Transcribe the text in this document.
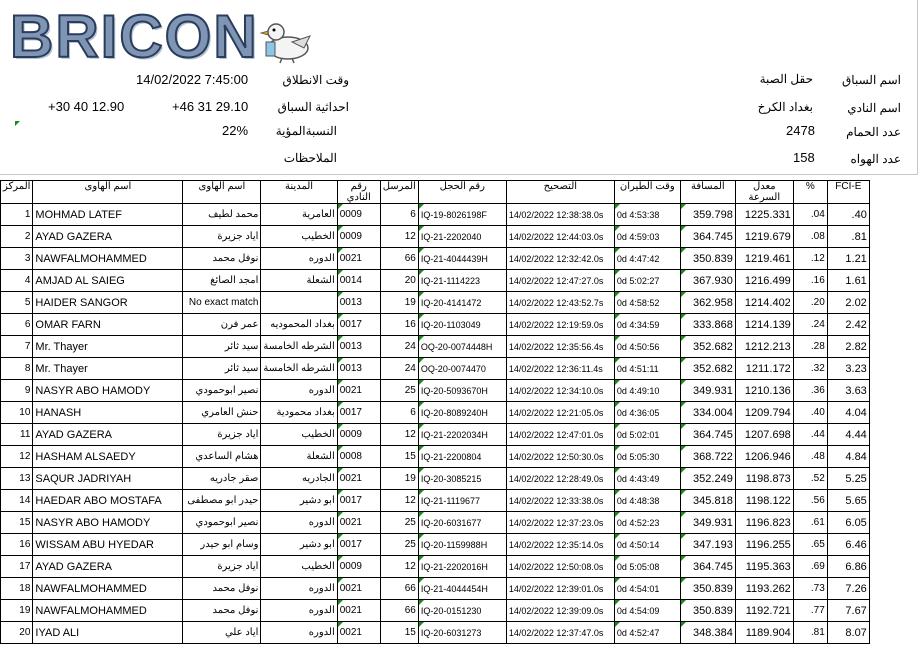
BRICON
اسم السباق
حقل الصبة
اسم النادي
بغداد الكرخ
عدد الحمام
2478
عدد الهواه
158
وقت الانطلاق
14/02/2022 7:45:00
احداثية السباق
+46 31 29.10
+30 40 12.90
النسبةالمؤية
22%
الملاحظات
المركز	اسم الهاوى	اسم الهاوى	المدينة	رقم النادي	المرسل	رقم الحجل	التصحيح	وقت الطيران	المسافة	معدل السرعة	%	FCI-E
1	MOHMAD LATEF	محمد لطيف	العامرية	0009	6	IQ-19-8026198F	14/02/2022 12:38:38.0s	0d 4:53:38	359.798	1225.331	.04	.40
2	AYAD GAZERA	اياد جزيرة	الخطيب	0009	12	IQ-21-2202040	14/02/2022 12:44:03.0s	0d 4:59:03	364.745	1219.679	.08	.81
3	NAWFALMOHAMMED	نوفل محمد	الدوره	0021	66	IQ-21-4044439H	14/02/2022 12:32:42.0s	0d 4:47:42	350.839	1219.461	.12	1.21
4	AMJAD AL SAIEG	امجد الصائغ	الشعلة	0014	20	IQ-21-1114223	14/02/2022 12:47:27.0s	0d 5:02:27	367.930	1216.499	.16	1.61
5	HAIDER SANGOR	No exact match		0013	19	IQ-20-4141472	14/02/2022 12:43:52.7s	0d 4:58:52	362.958	1214.402	.20	2.02
6	OMAR FARN	عمر فرن	بغداد المحموديه	0017	16	IQ-20-1103049	14/02/2022 12:19:59.0s	0d 4:34:59	333.868	1214.139	.24	2.42
7	Mr. Thayer	سيد ثائر	الشرطه الخامسة	0013	24	OQ-20-0074448H	14/02/2022 12:35:56.4s	0d 4:50:56	352.682	1212.213	.28	2.82
8	Mr. Thayer	سيد ثائر	الشرطه الخامسة	0013	24	OQ-20-0074470	14/02/2022 12:36:11.4s	0d 4:51:11	352.682	1211.172	.32	3.23
9	NASYR ABO HAMODY	نصير ابوحمودي	الدوره	0021	25	IQ-20-5093670H	14/02/2022 12:34:10.0s	0d 4:49:10	349.931	1210.136	.36	3.63
10	HANASH	حنش العامري	بغداد محمودية	0017	6	IQ-20-8089240H	14/02/2022 12:21:05.0s	0d 4:36:05	334.004	1209.794	.40	4.04
11	AYAD GAZERA	اياد جزيرة	الخطيب	0009	12	IQ-21-2202034H	14/02/2022 12:47:01.0s	0d 5:02:01	364.745	1207.698	.44	4.44
12	HASHAM ALSAEDY	هشام الساعدي	الشعلة	0008	15	IQ-21-2200804	14/02/2022 12:50:30.0s	0d 5:05:30	368.722	1206.946	.48	4.84
13	SAQUR JADRIYAH	صقر جادريه	الجادريه	0021	19	IQ-20-3085215	14/02/2022 12:28:49.0s	0d 4:43:49	352.249	1198.873	.52	5.25
14	HAEDAR ABO MOSTAFA	حيدر ابو مصطفى	ابو دشير	0017	12	IQ-21-1119677	14/02/2022 12:33:38.0s	0d 4:48:38	345.818	1198.122	.56	5.65
15	NASYR ABO HAMODY	نصير ابوحمودي	الدوره	0021	25	IQ-20-6031677	14/02/2022 12:37:23.0s	0d 4:52:23	349.931	1196.823	.61	6.05
16	WISSAM ABU HYEDAR	وسام ابو حيدر	ابو دشير	0017	25	IQ-20-1159988H	14/02/2022 12:35:14.0s	0d 4:50:14	347.193	1196.255	.65	6.46
17	AYAD GAZERA	اياد جزيرة	الخطيب	0009	12	IQ-21-2202016H	14/02/2022 12:50:08.0s	0d 5:05:08	364.745	1195.363	.69	6.86
18	NAWFALMOHAMMED	نوفل محمد	الدوره	0021	66	IQ-21-4044454H	14/02/2022 12:39:01.0s	0d 4:54:01	350.839	1193.262	.73	7.26
19	NAWFALMOHAMMED	نوفل محمد	الدوره	0021	66	IQ-20-0151230	14/02/2022 12:39:09.0s	0d 4:54:09	350.839	1192.721	.77	7.67
20	IYAD ALI	اياد علي	الدوره	0021	15	IQ-20-6031273	14/02/2022 12:37:47.0s	0d 4:52:47	348.384	1189.904	.81	8.07
